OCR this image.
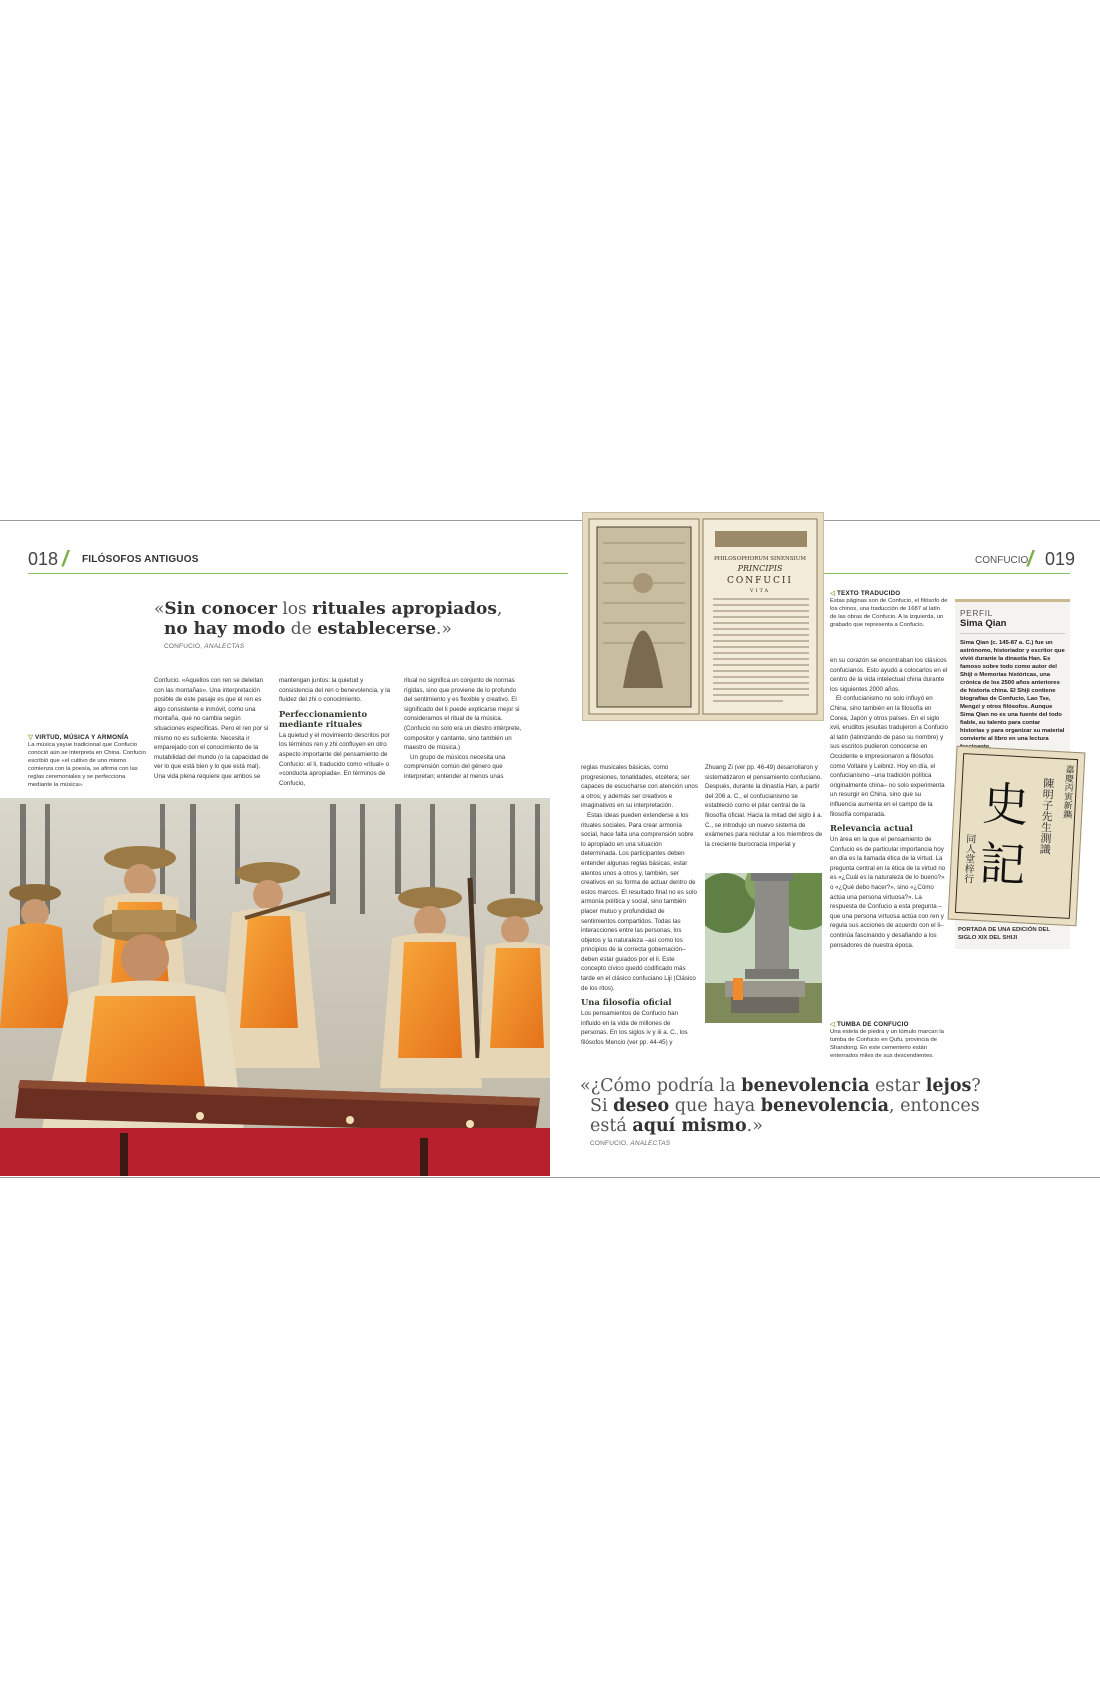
018 / FILÓSOFOS ANTIGUOS	CONFUCIO
/ 019
«Sin conocer los rituales apropiados,
no hay modo de establecerse.»
CONFUCIO, ANALECTAS
▽ VIRTUD, MÚSICA Y ARMONÍA
La música yayue tradicional que Confucio conoció aún se interpreta en China. Confucio escribió que «el cultivo de uno mismo comienza con la poesía, se afirma con las reglas ceremoniales y se perfecciona mediante la música».

Confucio. «Aquellos con ren se deleitan con las montañas». Una interpretación posible de este pasaje es que el ren es algo consistente e inmóvil, como una montaña, que no cambia según situaciones específicas. Pero el ren por sí mismo no es suficiente. Necesita ir emparejado con el conocimiento de la mutabilidad del mundo (o la capacidad de ver lo que está bien y lo que está mal). Una vida plena requiere que ambos se

mantengan juntos: la quietud y consistencia del ren o benevolencia, y la fluidez del zhi o conocimiento.

Perfeccionamiento mediante rituales

La quietud y el movimiento descritos por los términos ren y zhi confluyen en otro aspecto importante del pensamiento de Confucio: el li, traducido como «ritual» o «conducta apropiada». En términos de Confucio,

ritual no significa un conjunto de normas rígidas, sino que proviene de lo profundo del sentimiento y es flexible y creativo. El significado del li puede explicarse mejor si consideramos el ritual de la música. (Confucio no solo era un diestro intérprete, compositor y cantante, sino también un maestro de música.)

Un grupo de músicos necesita una comprensión común del género que interpretan; entender al menos unas

PHILOSOPHORUM SINENSIUM
PRINCIPIS
CONFUCII
VITA	◁ TEXTO TRADUCIDO
Estas páginas son de Confucio, el filósofo de los chinos, una traducción de 1687 al latín de las obras de Confucio. A la izquierda, un grabado que representa a Confucio.

reglas musicales básicas, como progresiones, tonalidades, etcétera; ser capaces de escucharse con atención unos a otros; y además ser creativos e imaginativos en su interpretación.

Estas ideas pueden extenderse a los rituales sociales. Para crear armonía social, hace falta una comprensión sobre lo apropiado en una situación determinada. Los participantes deben entender algunas reglas básicas, estar atentos unos a otros y, también, ser creativos en su forma de actuar dentro de estos marcos. El resultado final no es solo armonía política y social, sino también placer mutuo y profundidad de sentimientos compartidos. Todas las interacciones entre las personas, los objetos y la naturaleza –así como los principios de la correcta gobernación– deben estar guiados por el li. Este concepto cívico quedó codificado más tarde en el clásico confuciano Liji (Clásico de los ritos).

Una filosofía oficial

Los pensamientos de Confucio han influido en la vida de millones de personas. En los siglos iv y iii a. C., los filósofos Mencio (ver pp. 44-45) y

Zhuang Zi (ver pp. 46-49) desarrollaron y sistematizaron el pensamiento confuciano. Después, durante la dinastía Han, a partir del 206 a. C., el confucianismo se estableció como el pilar central de la filosofía oficial. Hacia la mitad del siglo ii a. C., se introdujo un nuevo sistema de exámenes para reclutar a los miembros de la creciente burocracia imperial y

en su corazón se encontraban los clásicos confucianos. Esto ayudó a colocarlos en el centro de la vida intelectual china durante los siguientes 2000 años.

El confucianismo no solo influyó en China, sino también en la filosofía en Corea, Japón y otros países. En el siglo xvii, eruditos jesuitas tradujeron a Confucio al latín (latinizando de paso su nombre) y sus escritos pudieron conocerse en Occidente e impresionaron a filósofos como Voltaire y Leibniz. Hoy en día, el confucianismo –una tradición política originalmente china– no solo experimenta un resurgir en China, sino que su influencia aumenta en el campo de la filosofía comparada.

Relevancia actual

Un área en la que el pensamiento de Confucio es de particular importancia hoy en día es la llamada ética de la virtud. La pregunta central en la ética de la virtud no es «¿Cuál es la naturaleza de lo bueno?» o «¿Qué debo hacer?», sino «¿Cómo actúa una persona virtuosa?». La respuesta de Confucio a esta pregunta –que una persona virtuosa actúa con ren y regula sus acciones de acuerdo con el li– continúa fascinando y desafiando a los pensadores de nuestra época.

◁ TUMBA DE CONFUCIO
Una estela de piedra y un túmulo marcan la tumba de Confucio en Qufu, provincia de Shandong. En este cementerio están enterrados miles de sus descendientes.
PERFIL
Sima Qian
Sima Qian (c. 145-87 a. C.) fue un astrónomo, historiador y escritor que vivió durante la dinastía Han. Es famoso sobre todo como autor del Shiji o Memorias históricas, una crónica de los 2500 años anteriores de historia china. El Shiji contiene biografías de Confucio, Lao Tse, Mengzi y otros filósofos. Aunque Sima Qian no es una fuente del todo fiable, su talento para contar historias y para organizar su material convierte al libro en una lectura
嘉慶丙寅新鐫
陳明子先生測識
史
記
同人堂梓行
PORTADA DE UNA EDICIÓN DEL SIGLO XIX DEL SHIJI
«¿Cómo podría la benevolencia estar lejos?
Si deseo que haya benevolencia, entonces
está aquí mismo.»
CONFUCIO, ANALECTAS
